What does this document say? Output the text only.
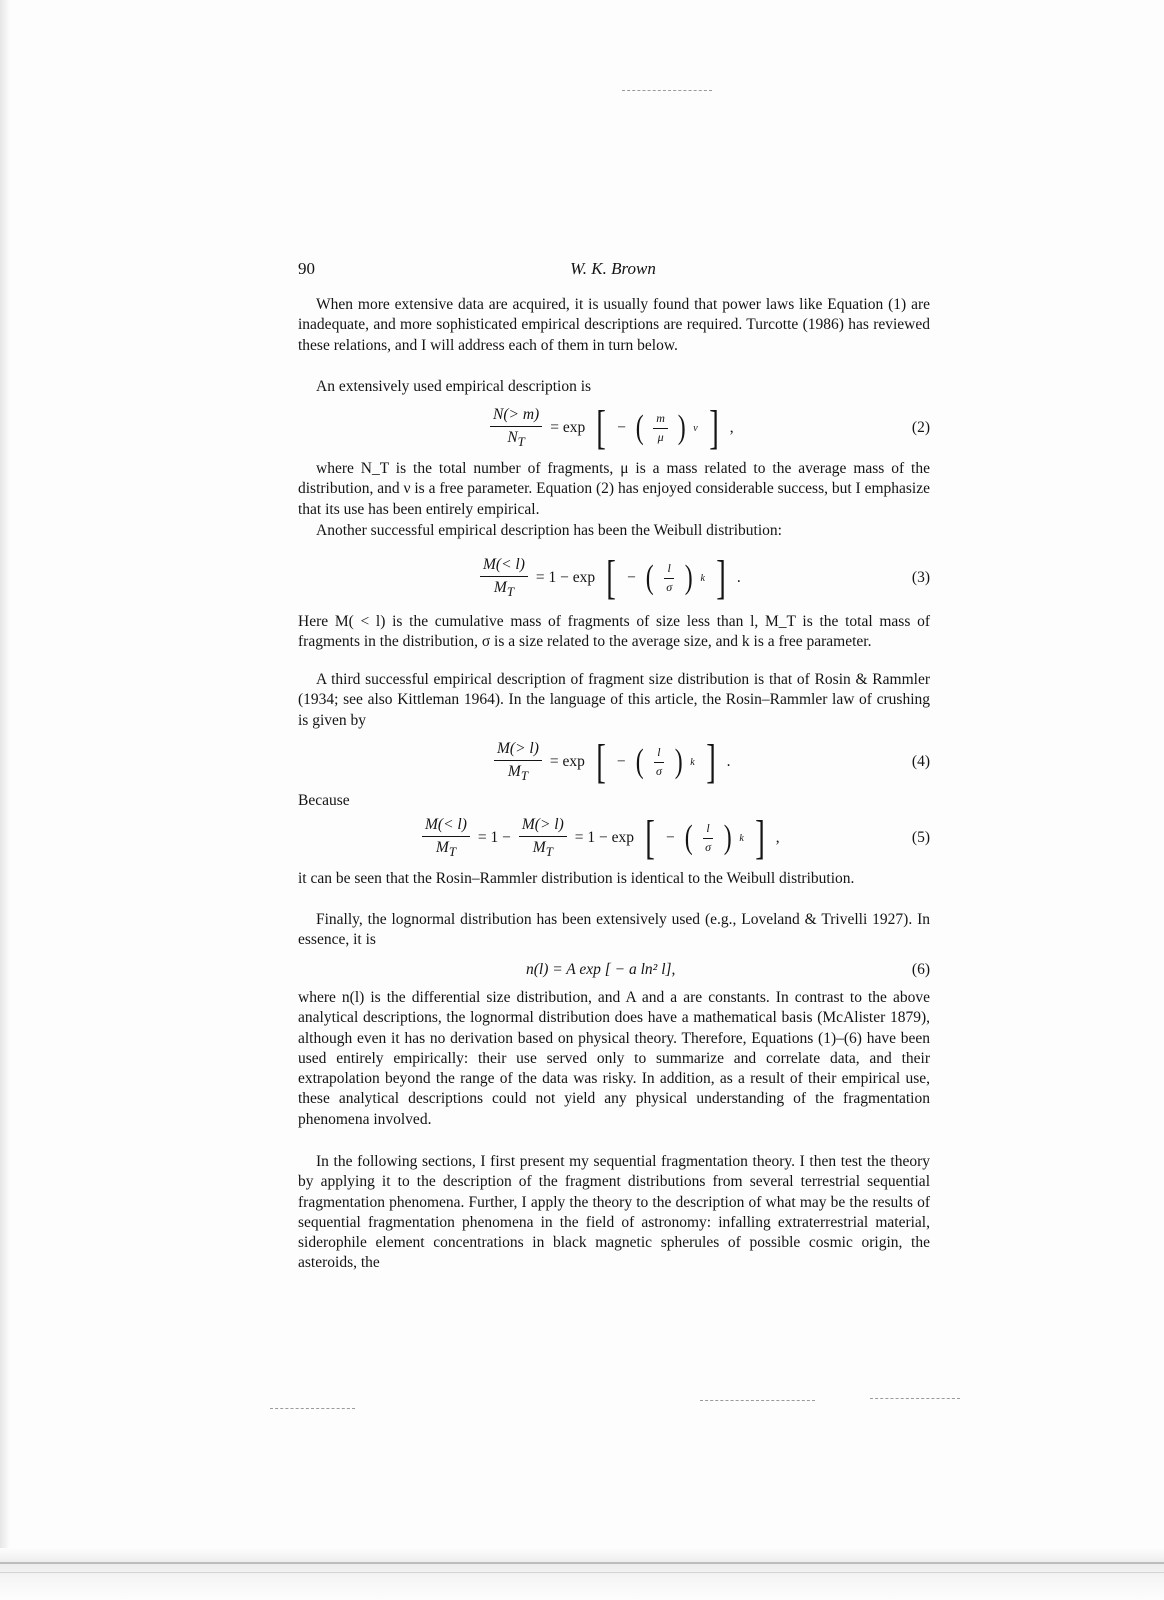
90	W. K. Brown

When more extensive data are acquired, it is usually found that power laws like Equation (1) are inadequate, and more sophisticated empirical descriptions are required. Turcotte (1986) has reviewed these relations, and I will address each of them in turn below.

An extensively used empirical description is

$\frac{N(> m)}{N_T} = \exp$ [ − ( $\frac{m}{\mu}$ ) ν ] ,	(2)

where N_T is the total number of fragments, μ is a mass related to the average mass of the distribution, and ν is a free parameter. Equation (2) has enjoyed considerable success, but I emphasize that its use has been entirely empirical.

Another successful empirical description has been the Weibull distribution:

$\frac{M(< l)}{M_T} = 1 - \exp$ [ − ( $\frac{l}{\sigma}$ ) k ] .	(3)

Here M( < l) is the cumulative mass of fragments of size less than l, M_T is the total mass of fragments in the distribution, σ is a size related to the average size, and k is a free parameter.

A third successful empirical description of fragment size distribution is that of Rosin & Rammler (1934; see also Kittleman 1964). In the language of this article, the Rosin–Rammler law of crushing is given by

$\frac{M(> l)}{M_T} = \exp$ [ − ( $\frac{l}{\sigma}$ ) k ] .	(4)
Because
$\frac{M(< l)}{M_T} = 1 - \frac{M(> l)}{M_T} = 1 - \exp$ [ − ( $\frac{l}{\sigma}$ ) k ] ,	(5)

it can be seen that the Rosin–Rammler distribution is identical to the Weibull distribution.

Finally, the lognormal distribution has been extensively used (e.g., Loveland & Trivelli 1927). In essence, it is

n(l) = A exp [ − a ln² l],	(6)

where n(l) is the differential size distribution, and A and a are constants. In contrast to the above analytical descriptions, the lognormal distribution does have a mathematical basis (McAlister 1879), although even it has no derivation based on physical theory. Therefore, Equations (1)–(6) have been used entirely empirically: their use served only to summarize and correlate data, and their extrapolation beyond the range of the data was risky. In addition, as a result of their empirical use, these analytical descriptions could not yield any physical understanding of the fragmentation phenomena involved.

In the following sections, I first present my sequential fragmentation theory. I then test the theory by applying it to the description of the fragment distributions from several terrestrial sequential fragmentation phenomena. Further, I apply the theory to the description of what may be the results of sequential fragmentation phenomena in the field of astronomy: infalling extraterrestrial material, siderophile element concentrations in black magnetic spherules of possible cosmic origin, the asteroids, the
